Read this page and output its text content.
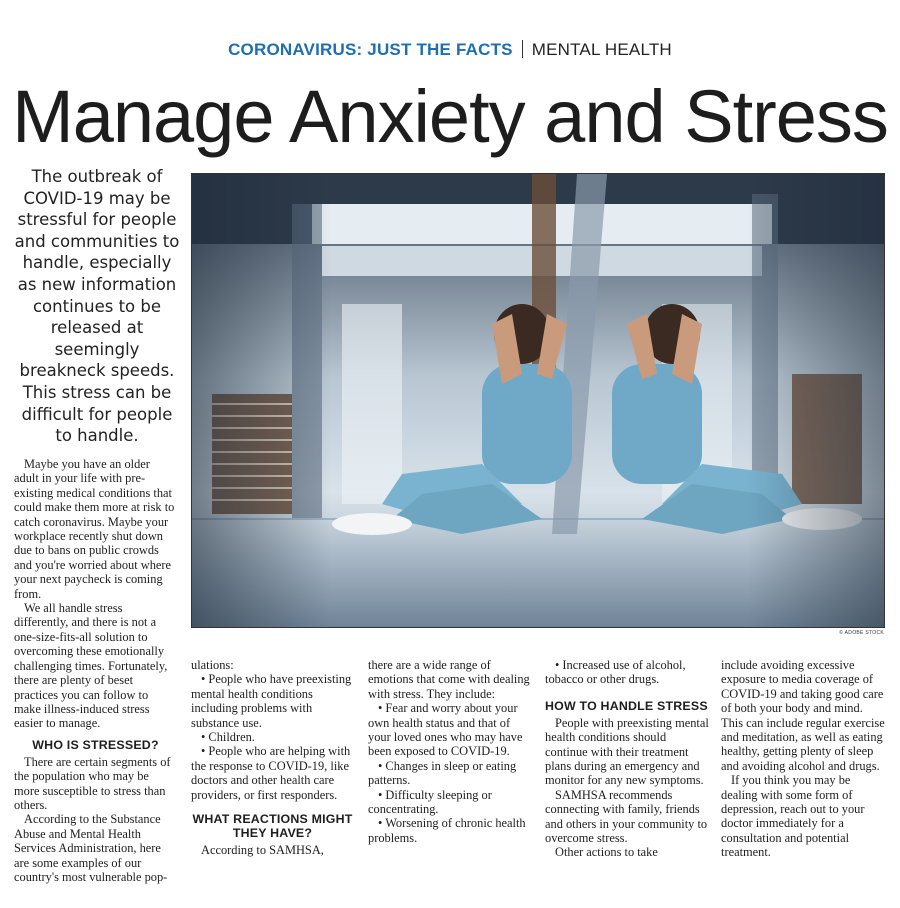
CORONAVIRUS: JUST THE FACTS MENTAL HEALTH
Manage Anxiety and Stress
The outbreak of COVID-19 may be stressful for people and communities to handle, especially as new information continues to be released at seemingly breakneck speeds. This stress can be difficult for people to handle.
© ADOBE STOCK

Maybe you have an older adult in your life with pre-existing medical conditions that could make them more at risk to catch coronavirus. Maybe your workplace recently shut down due to bans on public crowds and you're worried about where your next paycheck is coming from.

We all handle stress differently, and there is not a one-size-fits-all solution to overcoming these emotionally challenging times. Fortunately, there are plenty of beset practices you can follow to make illness-induced stress easier to manage.

WHO IS STRESSED?

There are certain segments of the population who may be more susceptible to stress than others.

According to the Substance Abuse and Mental Health Services Administration, here are some examples of our country's most vulnerable pop-

ulations:

• People who have preexisting mental health conditions including problems with substance use.

• Children.

• People who are helping with the response to COVID-19, like doctors and other health care providers, or first responders.

WHAT REACTIONS MIGHT THEY HAVE?

According to SAMHSA,

there are a wide range of emotions that come with dealing with stress. They include:

• Fear and worry about your own health status and that of your loved ones who may have been exposed to COVID-19.

• Changes in sleep or eating patterns.

• Difficulty sleeping or concentrating.

• Worsening of chronic health problems.

• Increased use of alcohol, tobacco or other drugs.

HOW TO HANDLE STRESS

People with preexisting mental health conditions should continue with their treatment plans during an emergency and monitor for any new symptoms.

SAMHSA recommends connecting with family, friends and others in your community to overcome stress.

Other actions to take

include avoiding excessive exposure to media coverage of COVID-19 and taking good care of both your body and mind. This can include regular exercise and meditation, as well as eating healthy, getting plenty of sleep and avoiding alcohol and drugs.

If you think you may be dealing with some form of depression, reach out to your doctor immediately for a consultation and potential treatment.
